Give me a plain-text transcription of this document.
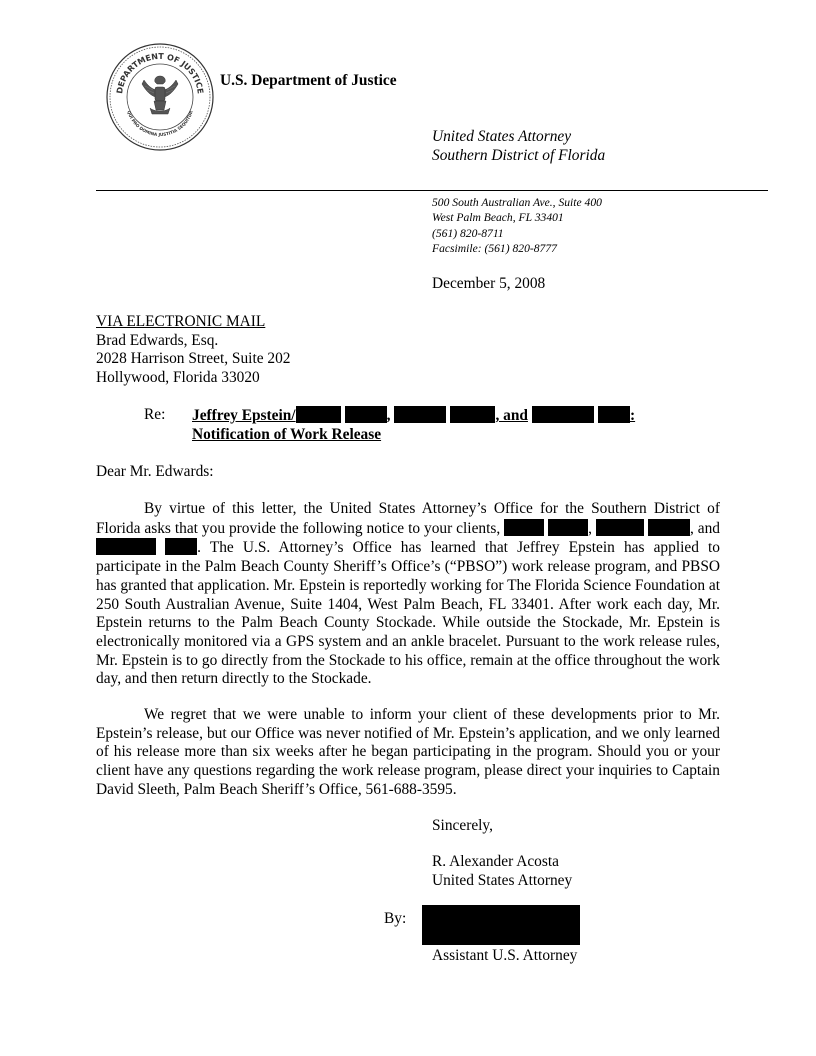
DEPARTMENT OF JUSTICE
QUI PRO DOMINA JUSTITIA SEQUITUR
U.S. Department of Justice
United States Attorney
Southern District of Florida
500 South Australian Ave., Suite 400
West Palm Beach, FL 33401
(561) 820-8711
Facsimile: (561) 820-8777
December 5, 2008
VIA ELECTRONIC MAIL
Brad Edwards, Esq.
2028 Harrison Street, Suite 202
Hollywood, Florida 33020
Re: Jeffrey Epstein/	,	, and	:
Notification of Work Release
Dear Mr. Edwards:
By virtue of this letter, the United States Attorney’s Office for the Southern District of Florida asks that you provide the following notice to your clients,	,	, and  . The U.S. Attorney’s Office has learned that Jeffrey Epstein has applied to participate in the Palm Beach County Sheriff’s Office’s (“PBSO”) work release program, and PBSO has granted that application. Mr. Epstein is reportedly working for The Florida Science Foundation at 250 South Australian Avenue, Suite 1404, West Palm Beach, FL 33401. After work each day, Mr. Epstein returns to the Palm Beach County Stockade. While outside the Stockade, Mr. Epstein is electronically monitored via a GPS system and an ankle bracelet. Pursuant to the work release rules, Mr. Epstein is to go directly from the Stockade to his office, remain at the office throughout the work day, and then return directly to the Stockade.
We regret that we were unable to inform your client of these developments prior to Mr. Epstein’s release, but our Office was never notified of Mr. Epstein’s application, and we only learned of his release more than six weeks after he began participating in the program. Should you or your client have any questions regarding the work release program, please direct your inquiries to Captain David Sleeth, Palm Beach Sheriff’s Office, 561-688-3595.
Sincerely,
R. Alexander Acosta
United States Attorney
By:
Assistant U.S. Attorney
